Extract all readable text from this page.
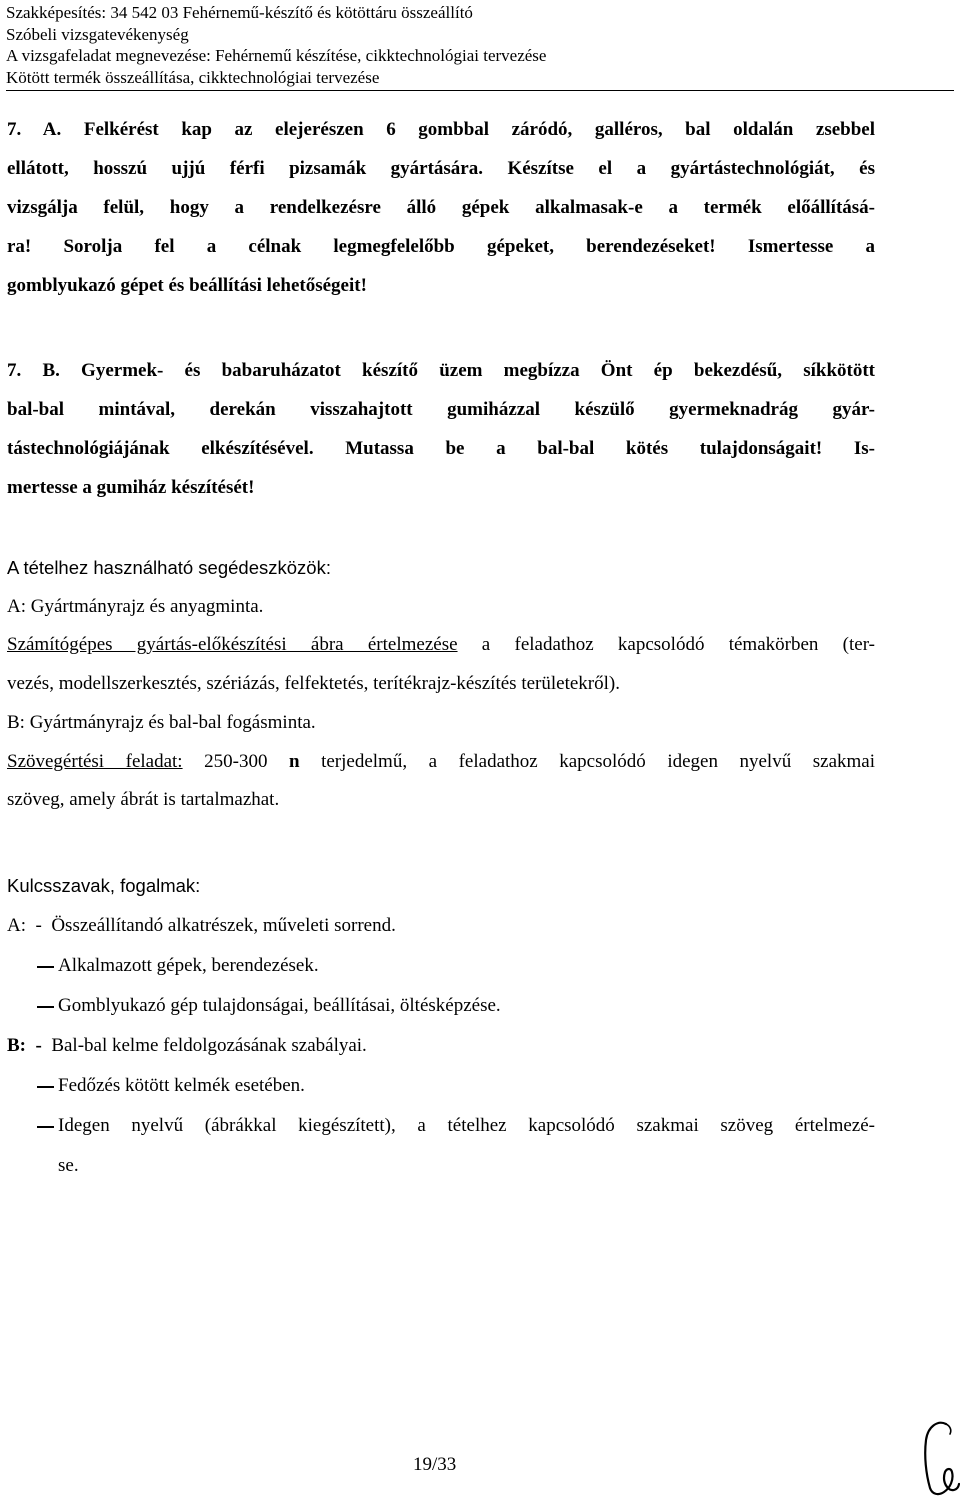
Szakképesítés: 34 542 03 Fehérnemű-készítő és kötöttáru összeállító
Szóbeli vizsgatevékenység
A vizsgafeladat megnevezése: Fehérnemű készítése, cikktechnológiai tervezése
Kötött termék összeállítása, cikktechnológiai tervezése
7. A. Felkérést kap az elejerészen 6 gombbal záródó, galléros, bal oldalán zsebbel
ellátott, hosszú ujjú férfi pizsamák gyártására. Készítse el a gyártástechnológiát, és
vizsgálja felül, hogy a rendelkezésre álló gépek alkalmasak-e a termék előállításá-
ra! Sorolja fel a célnak legmegfelelőbb gépeket, berendezéseket! Ismertesse a
gomblyukazó gépet és beállítási lehetőségeit!
7. B. Gyermek- és babaruházatot készítő üzem megbízza Önt ép bekezdésű, síkkötött
bal-bal mintával, derekán visszahajtott gumiházzal készülő gyermeknadrág gyár-
tástechnológiájának elkészítésével. Mutassa be a bal-bal kötés tulajdonságait! Is-
mertesse a gumiház készítését!
A tételhez használható segédeszközök:
A: Gyártmányrajz és anyagminta.
Számítógépes gyártás-előkészítési ábra értelmezése a feladathoz kapcsolódó témakörben (ter-
vezés, modellszerkesztés, szériázás, felfektetés, terítékrajz-készítés területekről).
B: Gyártmányrajz és bal-bal fogásminta.
Szövegértési feladat: 250-300 n terjedelmű, a feladathoz kapcsolódó idegen nyelvű szakmai
szöveg, amely ábrát is tartalmazhat.
Kulcsszavak, fogalmak:
A:  -  Összeállítandó alkatrészek, műveleti sorrend.
Alkalmazott gépek, berendezések.
Gomblyukazó gép tulajdonságai, beállításai, öltésképzése.
B:  -  Bal-bal kelme feldolgozásának szabályai.
Fedőzés kötött kelmék esetében.
Idegen nyelvű (ábrákkal kiegészített), a tételhez kapcsolódó szakmai szöveg értelmezé-
se.
19/33
